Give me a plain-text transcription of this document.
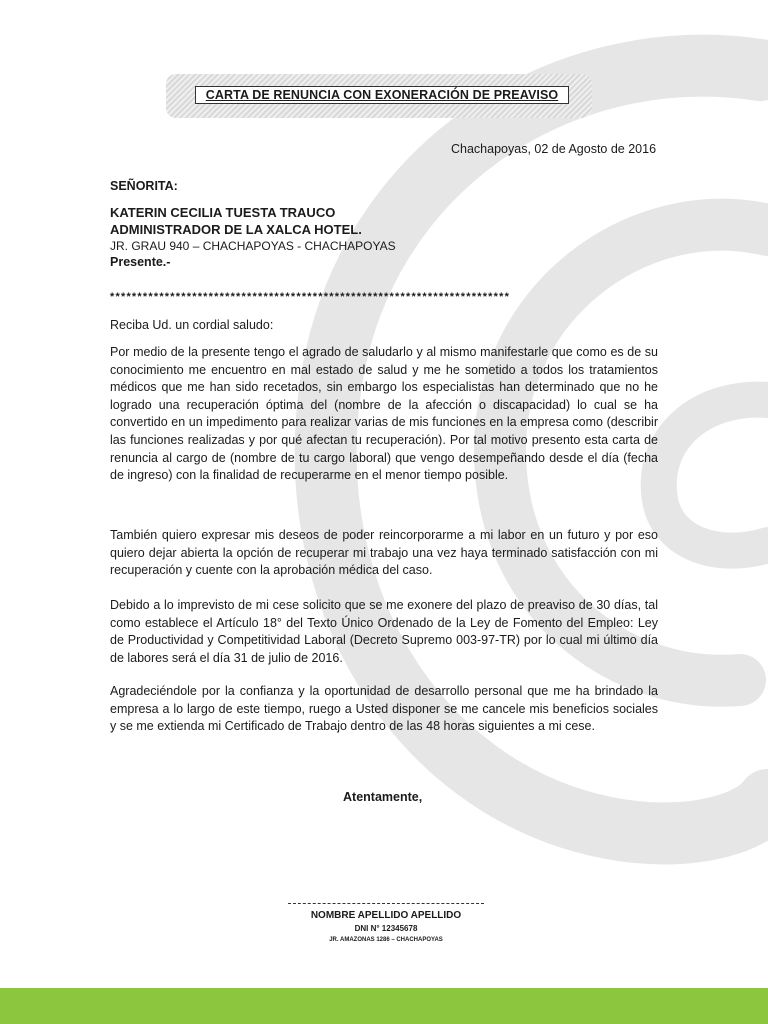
CARTA DE RENUNCIA CON EXONERACIÓN DE PREAVISO
Chachapoyas, 02 de Agosto de 2016
SEÑORITA:
KATERIN CECILIA TUESTA TRAUCO
ADMINISTRADOR DE LA XALCA HOTEL.
JR. GRAU 940 – CHACHAPOYAS - CHACHAPOYAS
Presente.-
*************************************************************************
Reciba Ud. un cordial saludo:

Por medio de la presente tengo el agrado de saludarlo y al mismo manifestarle que como es de su conocimiento me encuentro en mal estado de salud y me he sometido a todos los tratamientos médicos que me han sido recetados, sin embargo los especialistas han determinado que no he logrado una recuperación óptima del (nombre de la afección o discapacidad) lo cual se ha convertido en un impedimento para realizar varias de mis funciones en la empresa como (describir las funciones realizadas y por qué afectan tu recuperación). Por tal motivo presento esta carta de renuncia al cargo de (nombre de tu cargo laboral) que vengo desempeñando desde el día (fecha de ingreso) con la finalidad de recuperarme en el menor tiempo posible.

También quiero expresar mis deseos de poder reincorporarme a mi labor en un futuro y por eso quiero dejar abierta la opción de recuperar mi trabajo una vez haya terminado satisfacción con mi recuperación y cuente con la aprobación médica del caso.

Debido a lo imprevisto de mi cese solicito que se me exonere del plazo de preaviso de 30 días, tal como establece el Artículo 18° del Texto Único Ordenado de la Ley de Fomento del Empleo: Ley de Productividad y Competitividad Laboral (Decreto Supremo 003-97-TR) por lo cual mi último día de labores será el día 31 de julio de 2016.

Agradeciéndole por la confianza y la oportunidad de desarrollo personal que me ha brindado la empresa a lo largo de este tiempo, ruego a Usted disponer se me cancele mis beneficios sociales y se me extienda mi Certificado de Trabajo dentro de las 48 horas siguientes a mi cese.

Atentamente,
NOMBRE APELLIDO APELLIDO
DNI N° 12345678
JR. AMAZONAS 1286 – CHACHAPOYAS
